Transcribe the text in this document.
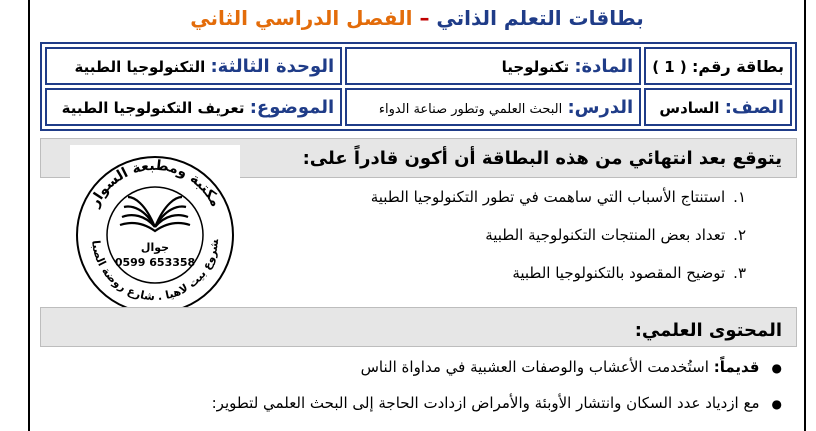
بطاقات التعلم الذاتي – الفصل الدراسي الثاني
بطاقة رقم: ( 1 )	المادة: تكنولوجيا	الوحدة الثالثة: التكنولوجيا الطبية
الصف: السادس	الدرس: البحث العلمي وتطور صناعة الدواء	الموضوع: تعريف التكنولوجيا الطبية
يتوقع بعد انتهائي من هذه البطاقة أن أكون قادراً على:
١.استنتاج الأسباب التي ساهمت في تطور التكنولوجيا الطبية
٢.تعداد بعض المنتجات التكنولوجية الطبية
٣.توضيح المقصود بالتكنولوجيا الطبية
مكتبة ومطبعة السوار
شروع بيت لاهيا . شارع روضة الصبا	جوال
0599 653358
المحتوى العلمي:
●قديماً: استُخدمت الأعشاب والوصفات العشبية في مداواة الناس
●مع ازدياد عدد السكان وانتشار الأوبئة والأمراض ازدادت الحاجة إلى البحث العلمي لتطوير:
